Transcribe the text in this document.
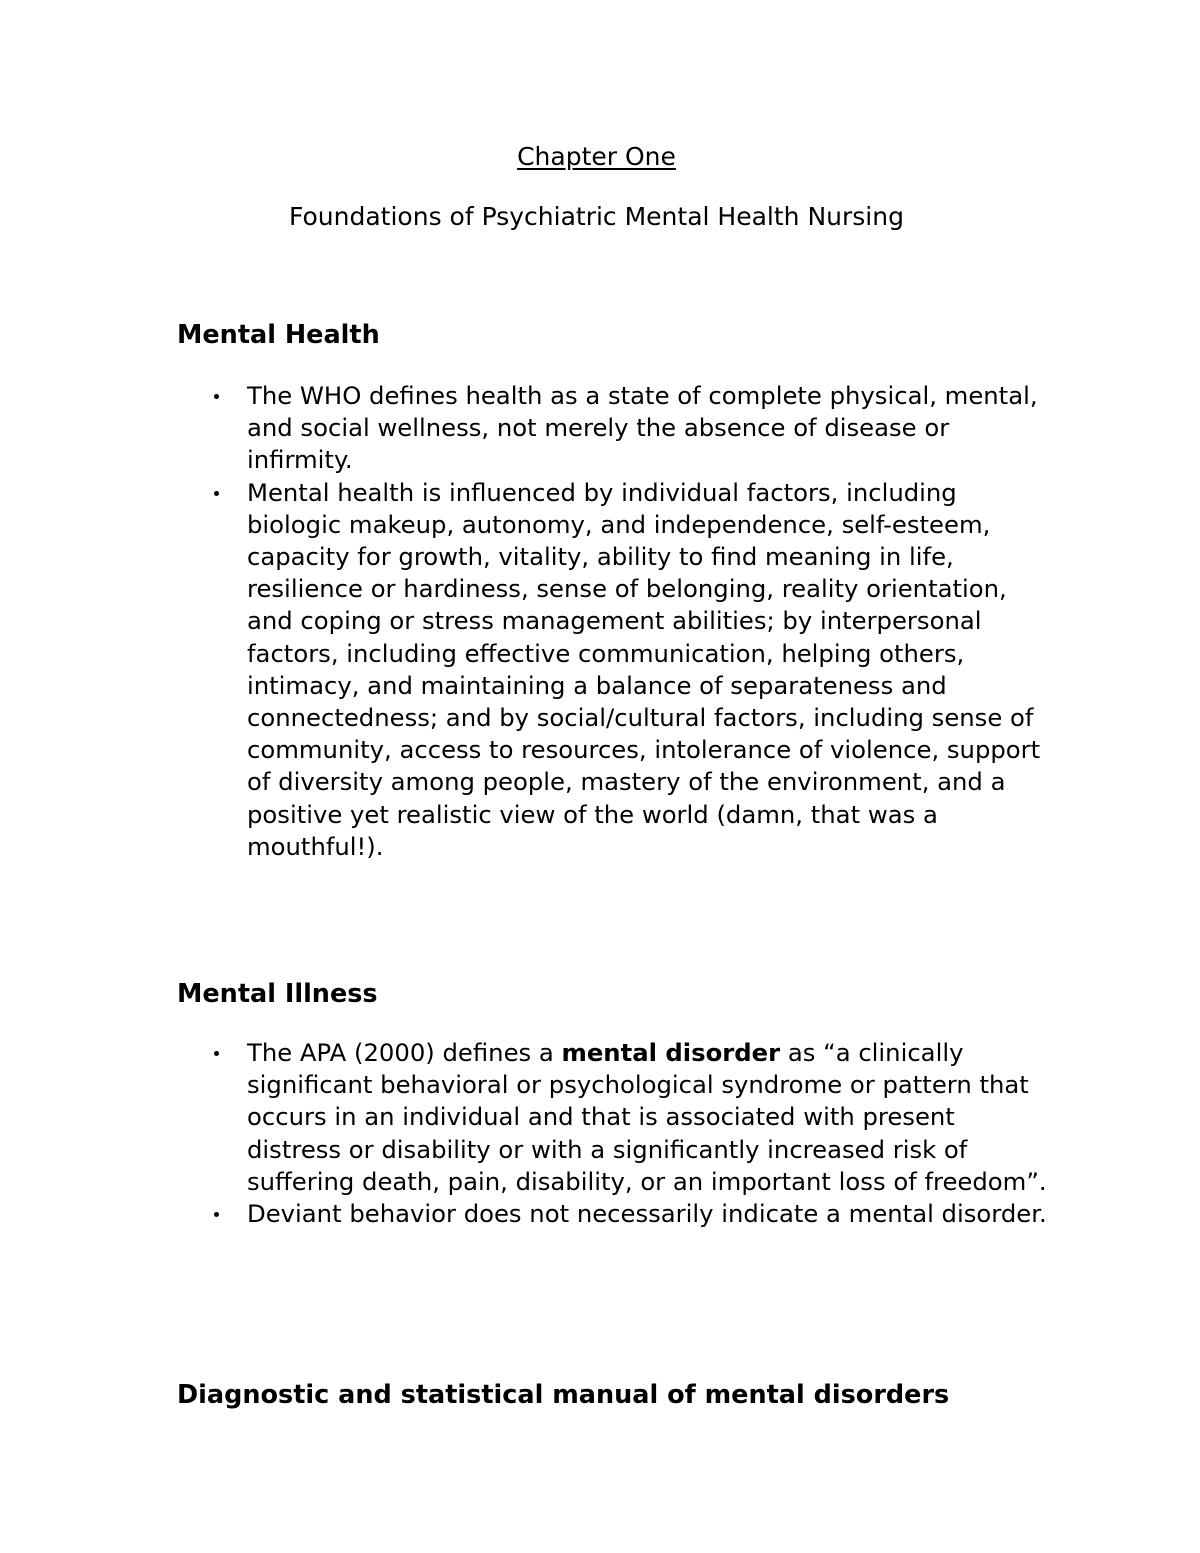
Chapter One
Foundations of Psychiatric Mental Health Nursing
Mental Health
The WHO defines health as a state of complete physical, mental, and social wellness, not merely the absence of disease or infirmity.
Mental health is influenced by individual factors, including biologic makeup, autonomy, and independence, self-esteem, capacity for growth, vitality, ability to find meaning in life, resilience or hardiness, sense of belonging, reality orientation, and coping or stress management abilities; by interpersonal factors, including effective communication, helping others, intimacy, and maintaining a balance of separateness and connectedness; and by social/cultural factors, including sense of community, access to resources, intolerance of violence, support of diversity among people, mastery of the environment, and a positive yet realistic view of the world (damn, that was a mouthful!).
Mental Illness
The APA (2000) defines a mental disorder as “a clinically significant behavioral or psychological syndrome or pattern that occurs in an individual and that is associated with present distress or disability or with a significantly increased risk of suffering death, pain, disability, or an important loss of freedom”.
Deviant behavior does not necessarily indicate a mental disorder.
Diagnostic and statistical manual of mental disorders
